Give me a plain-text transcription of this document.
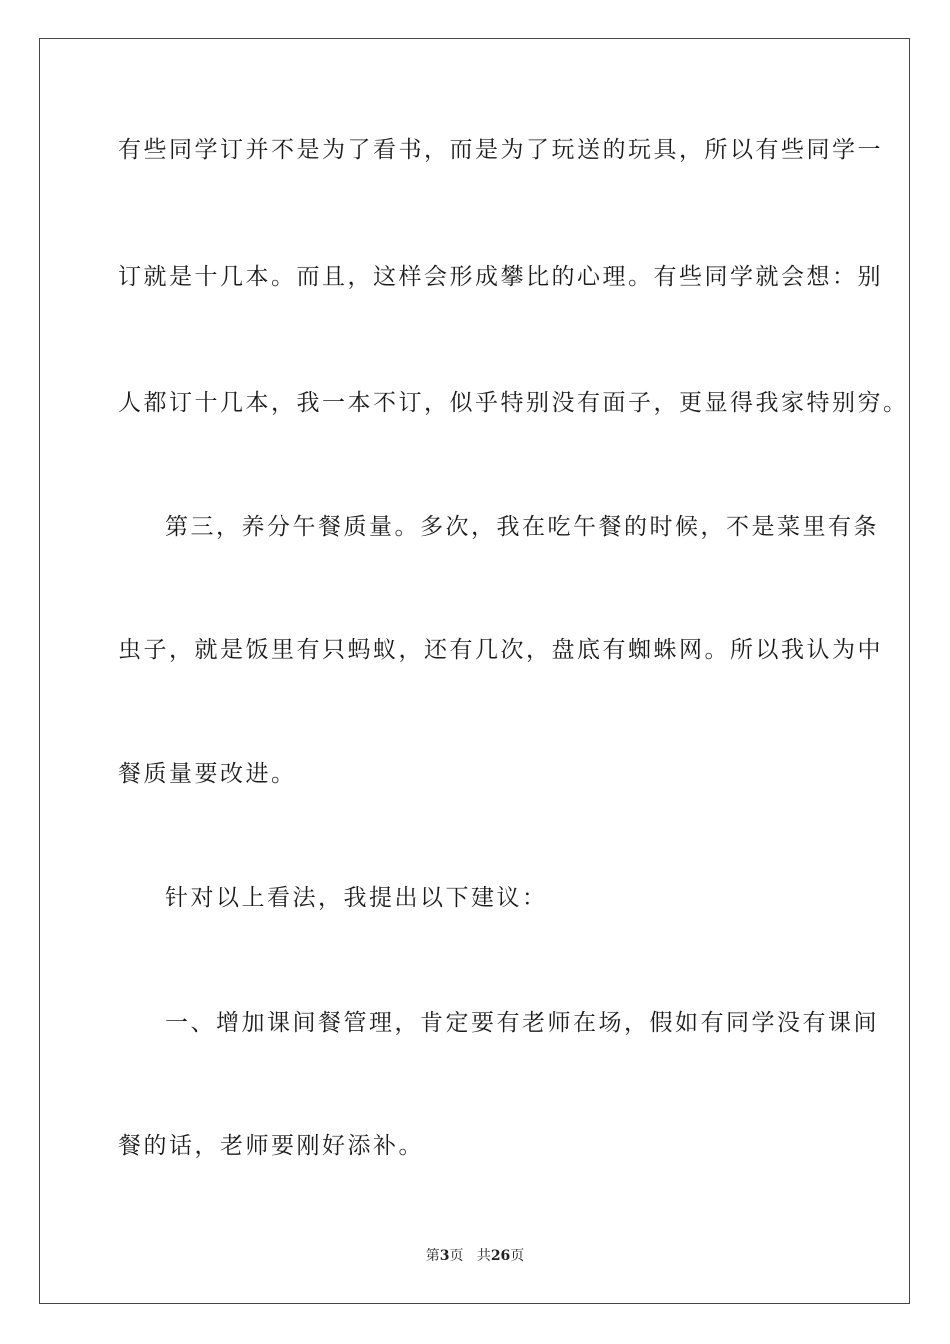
有些同学订并不是为了看书，而是为了玩送的玩具，所以有些同学一
订就是十几本。而且，这样会形成攀比的心理。有些同学就会想：别
人都订十几本，我一本不订，似乎特别没有面子，更显得我家特别穷。
第三，养分午餐质量。多次，我在吃午餐的时候，不是菜里有条
虫子，就是饭里有只蚂蚁，还有几次，盘底有蜘蛛网。所以我认为中
餐质量要改进。
针对以上看法，我提出以下建议：
一、增加课间餐管理，肯定要有老师在场，假如有同学没有课间
餐的话，老师要刚好添补。
第3页 共26页
